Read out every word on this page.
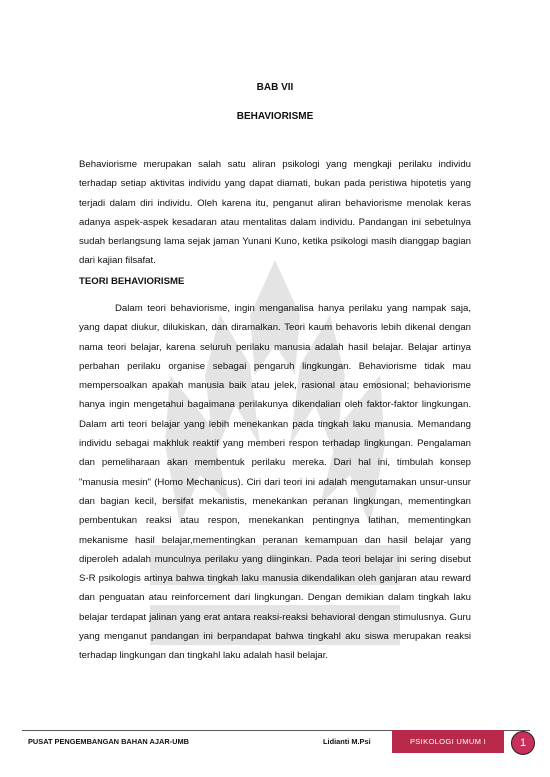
BAB VII
BEHAVIORISME

Behaviorisme merupakan salah satu aliran psikologi yang mengkaji perilaku individu terhadap setiap aktivitas individu yang dapat diamati, bukan pada peristiwa hipotetis yang terjadi dalam diri individu. Oleh karena itu, penganut aliran behaviorisme menolak keras adanya aspek-aspek kesadaran atau mentalitas dalam individu. Pandangan ini sebetulnya sudah berlangsung lama sejak jaman Yunani Kuno, ketika psikologi masih dianggap bagian dari kajian filsafat.

TEORI BEHAVIORISME

Dalam teori behaviorisme, ingin menganalisa hanya perilaku yang nampak saja, yang dapat diukur, dilukiskan, dan diramalkan. Teori kaum behavoris lebih dikenal dengan nama teori belajar, karena seluruh perilaku manusia adalah hasil belajar. Belajar artinya perbahan perilaku organise sebagai pengaruh lingkungan. Behaviorisme tidak mau mempersoalkan apakah manusia baik atau jelek, rasional atau emosional; behaviorisme hanya ingin mengetahui bagaimana perilakunya dikendalian oleh faktor-faktor lingkungan. Dalam arti teori belajar yang lebih menekankan pada tingkah laku manusia. Memandang individu sebagai makhluk reaktif yang memberi respon terhadap lingkungan. Pengalaman dan pemeliharaan akan membentuk perilaku mereka. Dari hal ini, timbulah konsep "manusia mesin" (Homo Mechanicus). Ciri dari teori ini adalah mengutamakan unsur-unsur dan bagian kecil, bersifat mekanistis, menekankan peranan lingkungan, mementingkan pembentukan reaksi atau respon, menekankan pentingnya latihan, mementingkan mekanisme hasil belajar,mementingkan peranan kemampuan dan hasil belajar yang diperoleh adalah munculnya perilaku yang diinginkan. Pada teori belajar ini sering disebut S-R psikologis artinya bahwa tingkah laku manusia dikendalikan oleh ganjaran atau reward dan penguatan atau reinforcement dari lingkungan. Dengan demikian dalam tingkah laku belajar terdapat jalinan yang erat antara reaksi-reaksi behavioral dengan stimulusnya. Guru yang menganut pandangan ini berpandapat bahwa tingkahl aku siswa merupakan reaksi terhadap lingkungan dan tingkahl laku adalah hasil belajar.

PUSAT PENGEMBANGAN BAHAN AJAR-UMB	Lidianti M.Psi	PSIKOLOGI UMUM I	1
